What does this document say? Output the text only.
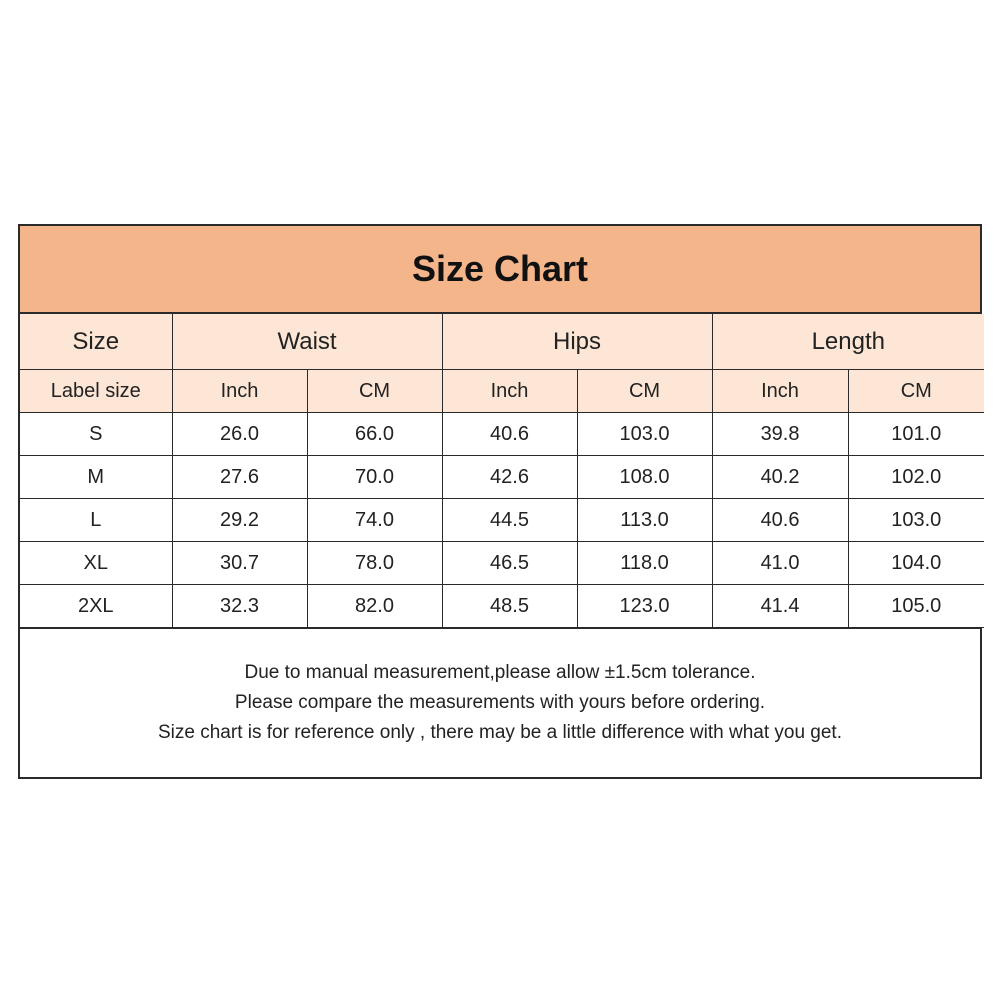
Size Chart
Size	Waist		Hips		Length	
Label size	Inch	CM	Inch	CM	Inch	CM
S	26.0	66.0	40.6	103.0	39.8	101.0
M	27.6	70.0	42.6	108.0	40.2	102.0
L	29.2	74.0	44.5	113.0	40.6	103.0
XL	30.7	78.0	46.5	118.0	41.0	104.0
2XL	32.3	82.0	48.5	123.0	41.4	105.0
Due to manual measurement,please allow ±1.5cm tolerance.
Please compare the measurements with yours before ordering.
Size chart is for reference only , there may be a little difference with what you get.
